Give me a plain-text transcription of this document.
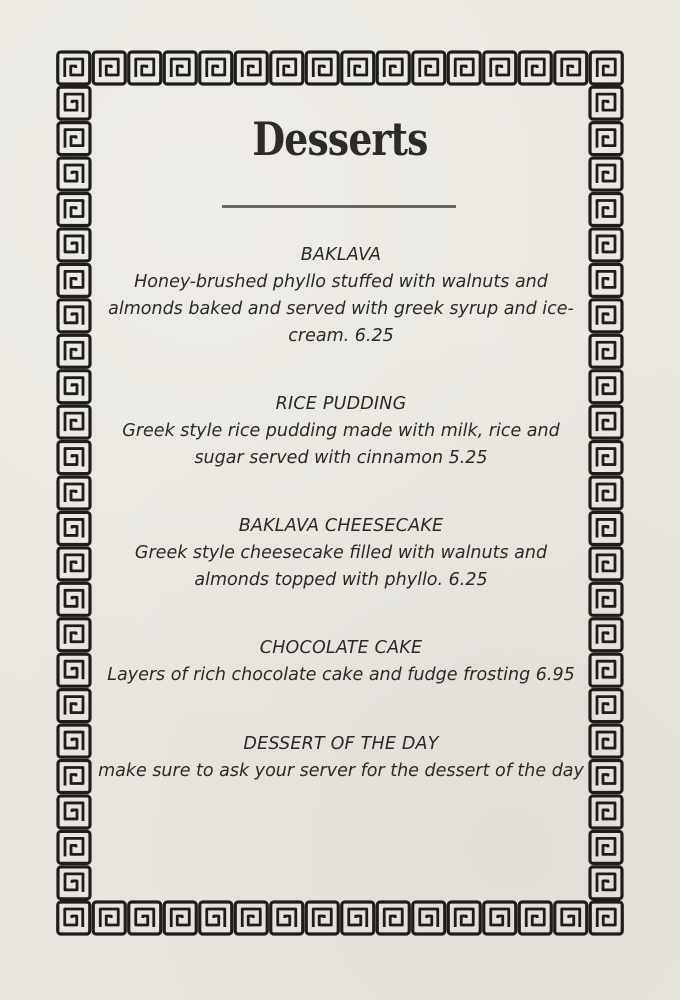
Desserts
BAKLAVA
Honey-brushed phyllo stuffed with walnuts and almonds baked and served with greek syrup and ice-cream. 6.25
RICE PUDDING
Greek style rice pudding made with milk, rice and sugar served with cinnamon 5.25
BAKLAVA CHEESECAKE
Greek style cheesecake filled with walnuts and almonds topped with phyllo. 6.25
CHOCOLATE CAKE
Layers of rich chocolate cake and fudge frosting 6.95
DESSERT OF THE DAY
make sure to ask your server for the dessert of the day
